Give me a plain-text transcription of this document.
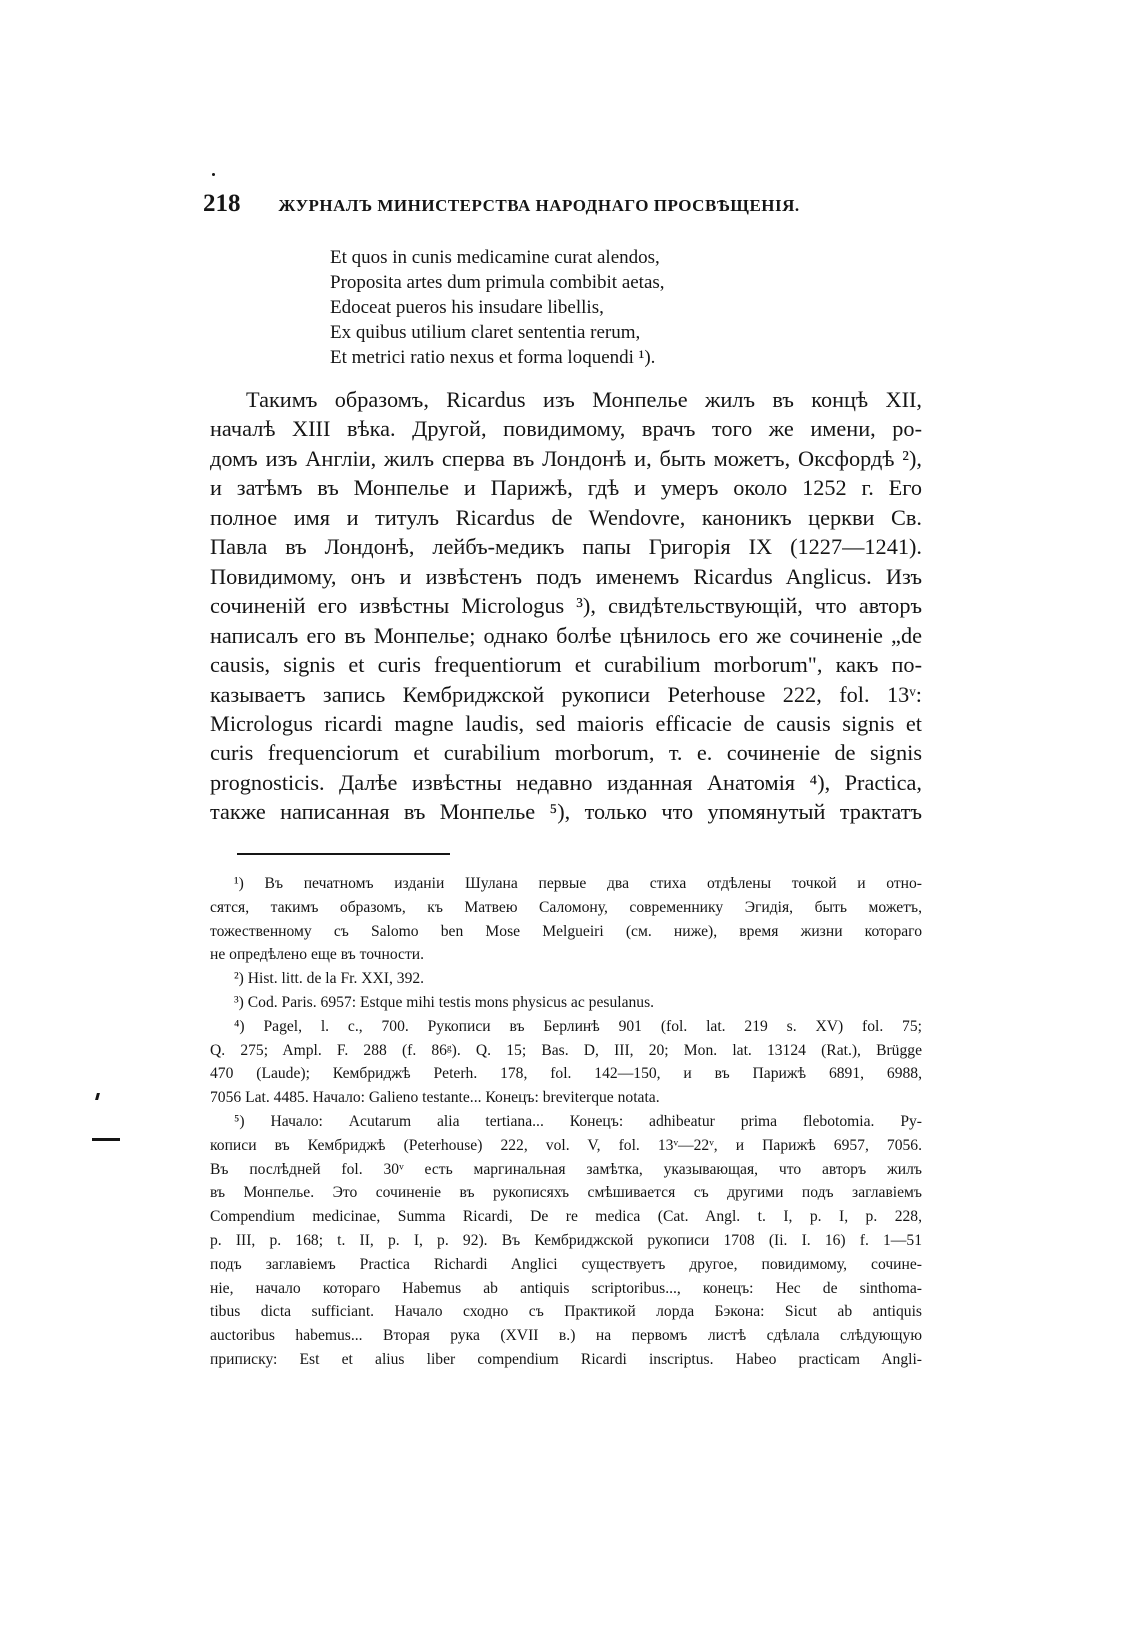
218 ЖУРНАЛЪ МИНИСТЕРСТВА НАРОДНАГО ПРОСВѢЩЕНІЯ.
Et quos in cunis medicamine curat alendos,
Proposita artes dum primula combibit aetas,
Edoceat pueros his insudare libellis,
Ex quibus utilium claret sententia rerum,
Et metrici ratio nexus et forma loquendi ¹).
Такимъ образомъ, Ricardus изъ Монпелье жилъ въ концѣ XII,
началѣ XIII вѣка. Другой, повидимому, врачъ того же имени, ро-
домъ изъ Англіи, жилъ сперва въ Лондонѣ и, быть можетъ, Оксфордѣ ²),
и затѣмъ въ Монпелье и Парижѣ, гдѣ и умеръ около 1252 г. Его
полное имя и титулъ Ricardus de Wendovre, каноникъ церкви Св.
Павла въ Лондонѣ, лейбъ-медикъ папы Григорія IX (1227—1241).
Повидимому, онъ и извѣстенъ подъ именемъ Ricardus Anglicus. Изъ
сочиненій его извѣстны Micrologus ³), свидѣтельствующій, что авторъ
написалъ его въ Монпелье; однако болѣе цѣнилось его же сочиненіе „de
causis, signis et curis frequentiorum et curabilium morborum", какъ по-
казываетъ запись Кембриджской рукописи Peterhouse 222, fol. 13ᵛ:
Micrologus ricardi magne laudis, sed maioris efficacie de causis signis et
curis frequenciorum et curabilium morborum, т. е. сочиненіе de signis
prognosticis. Далѣе извѣстны недавно изданная Анатомія ⁴), Practica,
также написанная въ Монпелье ⁵), только что упомянутый трактатъ
¹) Въ печатномъ изданіи Шулана первые два стиха отдѣлены точкой и отно-
сятся, такимъ образомъ, къ Матвею Саломону, современнику Эгидія, быть можетъ,
тожественному съ Salomo ben Mose Melgueiri (см. ниже), время жизни котораго
не опредѣлено еще въ точности.
²) Hist. litt. de la Fr. XXI, 392.
³) Cod. Paris. 6957: Estque mihi testis mons physicus ac pesulanus.
⁴) Pagel, l. c., 700. Рукописи въ Берлинѣ 901 (fol. lat. 219 s. XV) fol. 75;
Q. 275; Ampl. F. 288 (f. 86ᵍ). Q. 15; Bas. D, III, 20; Mon. lat. 13124 (Rat.), Brügge
470 (Laude); Кембриджѣ Peterh. 178, fol. 142—150, и въ Парижѣ 6891, 6988,
7056 Lat. 4485. Начало: Galieno testante... Конецъ: breviterque notata.
⁵) Начало: Acutarum alia tertiana... Конецъ: adhibeatur prima flebotomia. Ру-
кописи въ Кембриджѣ (Peterhouse) 222, vol. V, fol. 13ᵛ—22ᵛ, и Парижѣ 6957, 7056.
Въ послѣдней fol. 30ᵛ есть маргинальная замѣтка, указывающая, что авторъ жилъ
въ Монпелье. Это сочиненіе въ рукописяхъ смѣшивается съ другими подъ заглавіемъ
Compendium medicinae, Summa Ricardi, De re medica (Cat. Angl. t. I, p. I, p. 228,
p. III, p. 168; t. II, p. I, p. 92). Въ Кембриджской рукописи 1708 (Ii. I. 16) f. 1—51
подъ заглавіемъ Practica Richardi Anglici существуетъ другое, повидимому, сочине-
ніе, начало котораго Habemus ab antiquis scriptoribus..., конецъ: Hec de sinthoma-
tibus dicta sufficiant. Начало сходно съ Практикой лорда Бэкона: Sicut ab antiquis
auctoribus habemus... Вторая рука (XVII в.) на первомъ листѣ сдѣлала слѣдующую
приписку: Est et alius liber compendium Ricardi inscriptus. Habeo practicam Angli-
